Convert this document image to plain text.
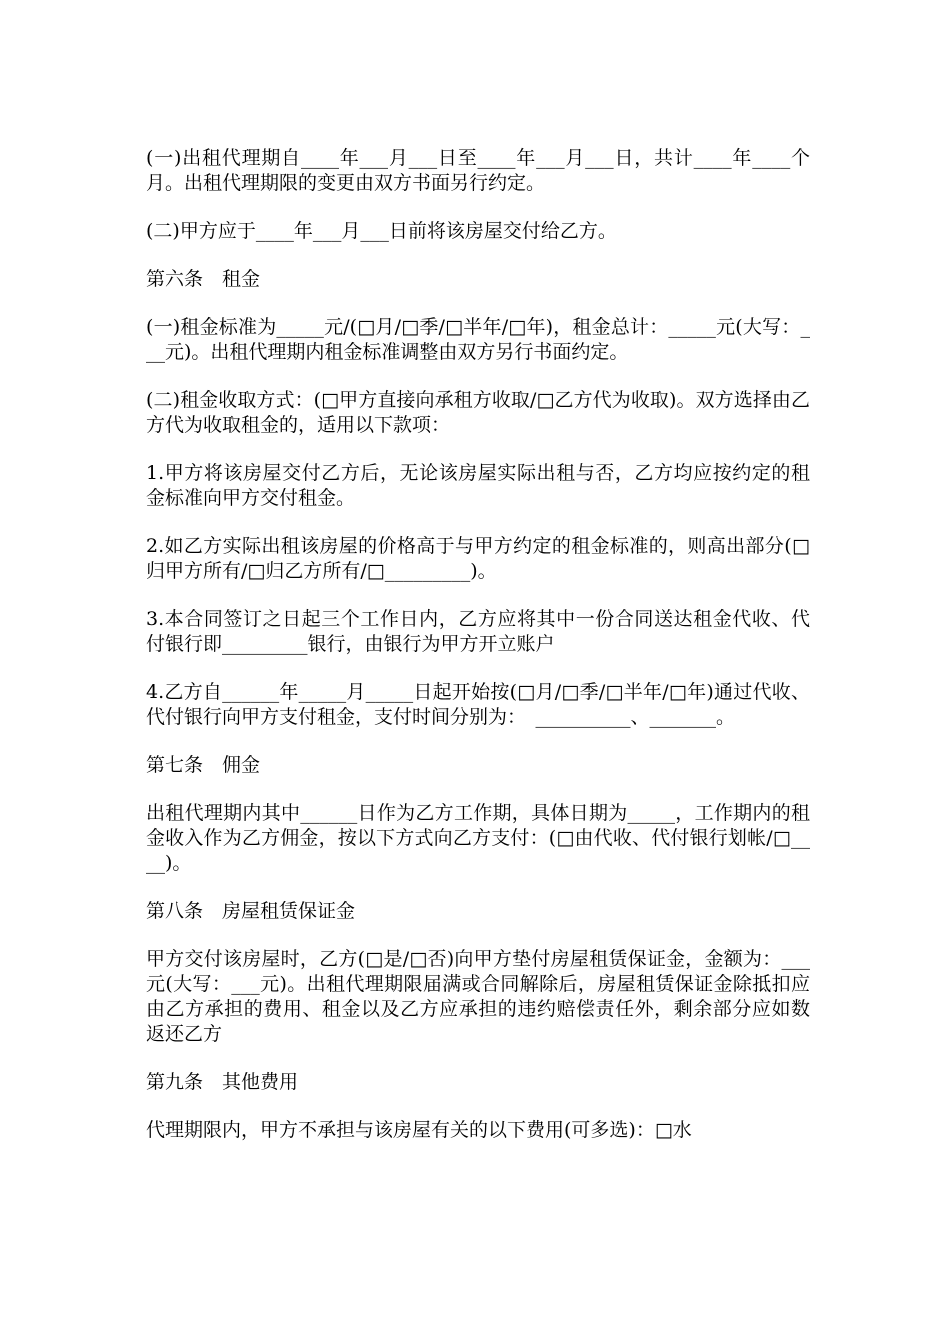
(一)出租代理期自____年___月___日至____年___月___日，共计____年____个月。出租代理期限的变更由双方书面另行约定。

(二)甲方应于____年___月___日前将该房屋交付给乙方。

第六条　租金

(一)租金标准为_____元/(□月/□季/□半年/□年)，租金总计：_____元(大写：___元)。出租代理期内租金标准调整由双方另行书面约定。

(二)租金收取方式：(□甲方直接向承租方收取/□乙方代为收取)。双方选择由乙方代为收取租金的，适用以下款项：

1.甲方将该房屋交付乙方后，无论该房屋实际出租与否，乙方均应按约定的租金标准向甲方交付租金。

2.如乙方实际出租该房屋的价格高于与甲方约定的租金标准的，则高出部分(□归甲方所有/□归乙方所有/□_________)。

3.本合同签订之日起三个工作日内，乙方应将其中一份合同送达租金代收、代付银行即_________银行，由银行为甲方开立账户

4.乙方自______年_____月_____日起开始按(□月/□季/□半年/□年)通过代收、代付银行向甲方支付租金，支付时间分别为：　__________、_______。

第七条　佣金

出租代理期内其中______日作为乙方工作期，具体日期为_____，工作期内的租金收入作为乙方佣金，按以下方式向乙方支付：(□由代收、代付银行划帐/□____)。

第八条　房屋租赁保证金

甲方交付该房屋时，乙方(□是/□否)向甲方垫付房屋租赁保证金，金额为：___元(大写：___元)。出租代理期限届满或合同解除后，房屋租赁保证金除抵扣应由乙方承担的费用、租金以及乙方应承担的违约赔偿责任外，剩余部分应如数返还乙方

第九条　其他费用

代理期限内，甲方不承担与该房屋有关的以下费用(可多选)：□水
